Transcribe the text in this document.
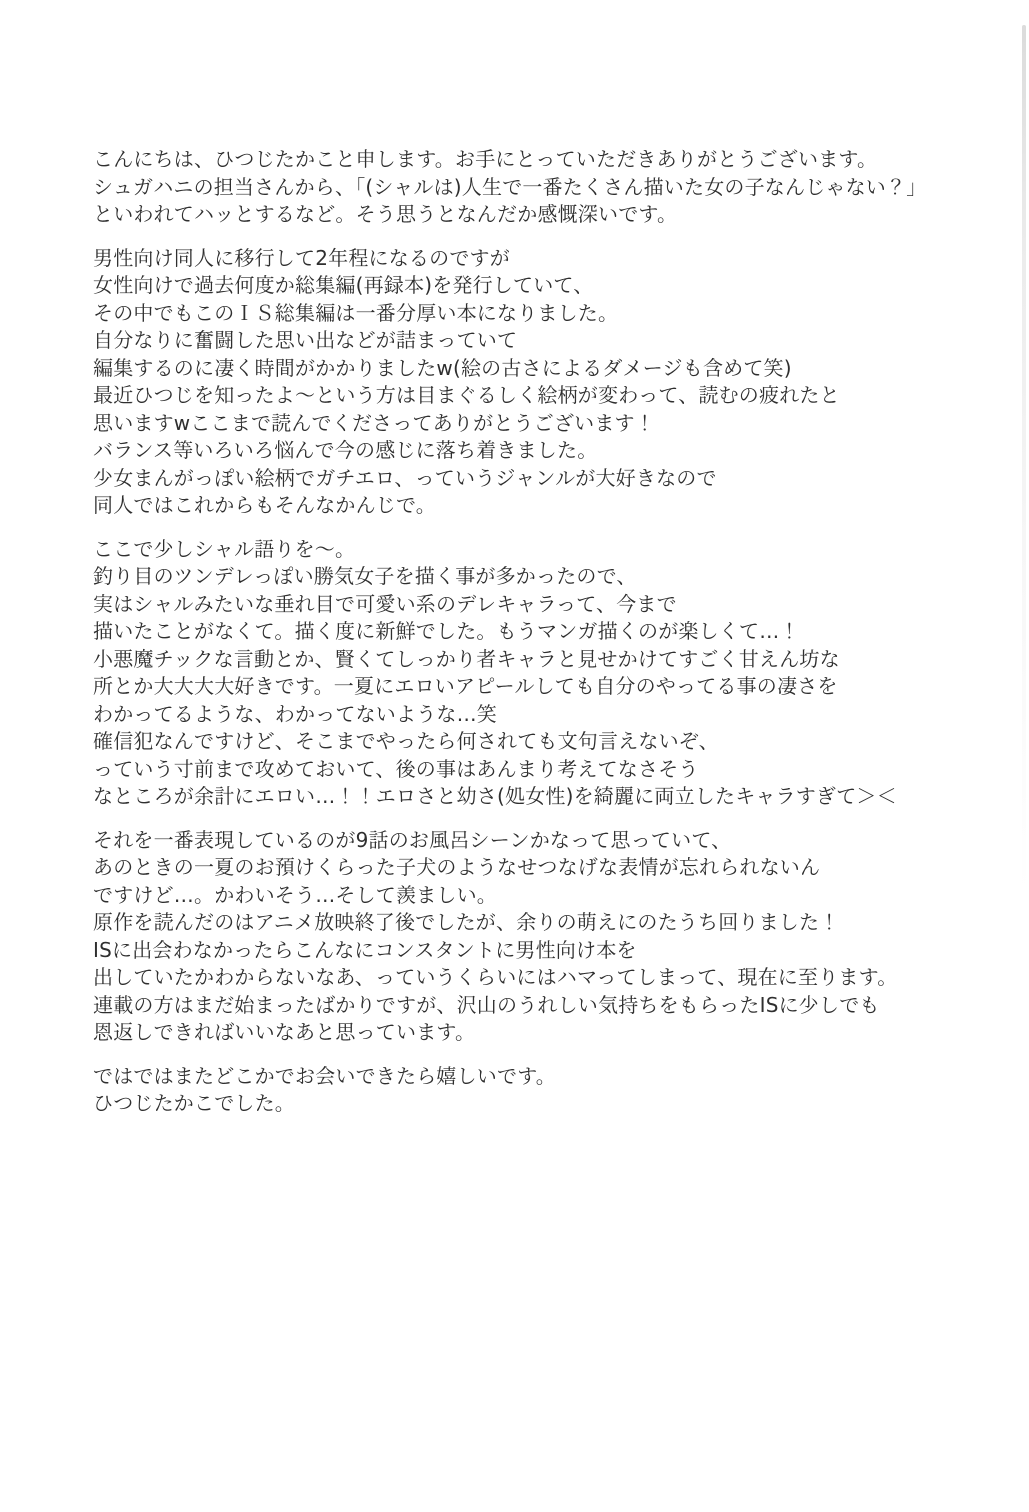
こんにちは、ひつじたかこと申します。お手にとっていただきありがとうございます。
シュガハニの担当さんから、「(シャルは)人生で一番たくさん描いた女の子なんじゃない？」
といわれてハッとするなど。そう思うとなんだか感慨深いです。

男性向け同人に移行して2年程になるのですが
女性向けで過去何度か総集編(再録本)を発行していて、
その中でもこのＩＳ総集編は一番分厚い本になりました。
自分なりに奮闘した思い出などが詰まっていて
編集するのに凄く時間がかかりましたw(絵の古さによるダメージも含めて笑)
最近ひつじを知ったよ～という方は目まぐるしく絵柄が変わって、読むの疲れたと
思いますwここまで読んでくださってありがとうございます！
バランス等いろいろ悩んで今の感じに落ち着きました。
少女まんがっぽい絵柄でガチエロ、っていうジャンルが大好きなので
同人ではこれからもそんなかんじで。

ここで少しシャル語りを～。
釣り目のツンデレっぽい勝気女子を描く事が多かったので、
実はシャルみたいな垂れ目で可愛い系のデレキャラって、今まで
描いたことがなくて。描く度に新鮮でした。もうマンガ描くのが楽しくて…！
小悪魔チックな言動とか、賢くてしっかり者キャラと見せかけてすごく甘えん坊な
所とか大大大大好きです。一夏にエロいアピールしても自分のやってる事の凄さを
わかってるような、わかってないような…笑
確信犯なんですけど、そこまでやったら何されても文句言えないぞ、
っていう寸前まで攻めておいて、後の事はあんまり考えてなさそう
なところが余計にエロい…！！エロさと幼さ(処女性)を綺麗に両立したキャラすぎて＞＜

それを一番表現しているのが9話のお風呂シーンかなって思っていて、
あのときの一夏のお預けくらった子犬のようなせつなげな表情が忘れられないん
ですけど…。かわいそう…そして羨ましい。
原作を読んだのはアニメ放映終了後でしたが、余りの萌えにのたうち回りました！
ISに出会わなかったらこんなにコンスタントに男性向け本を
出していたかわからないなあ、っていうくらいにはハマってしまって、現在に至ります。
連載の方はまだ始まったばかりですが、沢山のうれしい気持ちをもらったISに少しでも
恩返しできればいいなあと思っています。

ではではまたどこかでお会いできたら嬉しいです。
ひつじたかこでした。
